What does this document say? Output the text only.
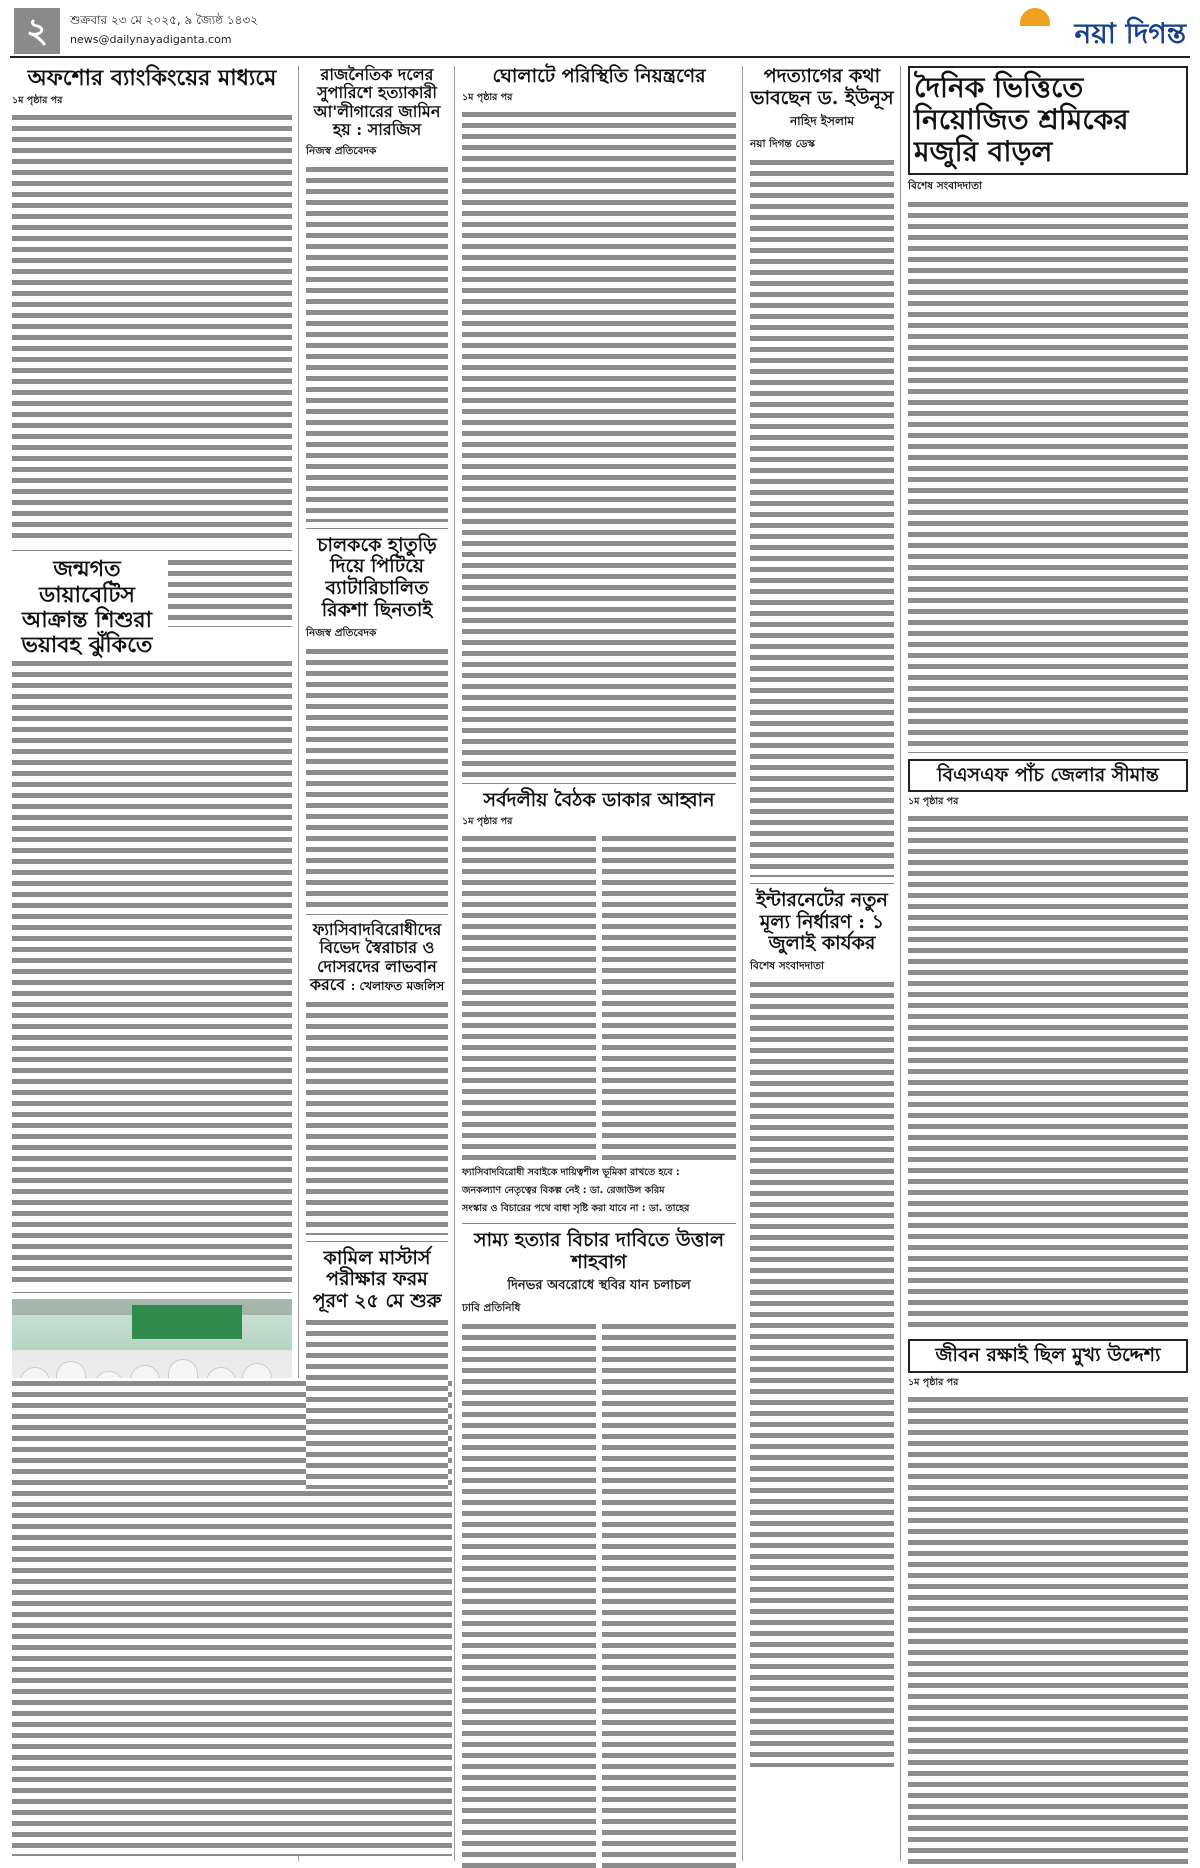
২	শুক্রবার ২৩ মে ২০২৫, ৯ জ্যৈষ্ঠ ১৪৩২
news@dailynayadiganta.com	নয়া দিগন্ত
অফশোর ব্যাংকিংয়ের মাধ্যমে
১ম পৃষ্ঠার পর
জন্মগত ডায়াবেটিস আক্রান্ত শিশুরা ভয়াবহ ঝুঁকিতে
রাজনৈতিক দলের সুপারিশে হত্যাকারী আ'লীগারের জামিন হয় : সারজিস
নিজস্ব প্রতিবেদক
চালককে হাতুড়ি দিয়ে পিটিয়ে ব্যাটারিচালিত রিকশা ছিনতাই
নিজস্ব প্রতিবেদক
ফ্যাসিবাদবিরোধীদের বিভেদ স্বৈরাচার ও দোসরদের লাভবান করবে : খেলাফত মজলিস
কামিল মাস্টার্স পরীক্ষার ফরম পূরণ ২৫ মে শুরু
ঘোলাটে পরিস্থিতি নিয়ন্ত্রণের
১ম পৃষ্ঠার পর
সর্বদলীয় বৈঠক ডাকার আহ্বান
১ম পৃষ্ঠার পর
ফ্যাসিবাদবিরোধী সবাইকে দায়িত্বশীল ভূমিকা রাখতে হবে :
জনকল্যাণ নেতৃত্বের বিকল্প নেই : ডা. রেজাউল করিম
সংস্কার ও বিচারের পথে বাধা সৃষ্টি করা যাবে না : ডা. তাহের
সাম্য হত্যার বিচার দাবিতে উত্তাল শাহবাগ
দিনভর অবরোধে স্থবির যান চলাচল
ঢাবি প্রতিনিধি
পদত্যাগের কথা ভাবছেন ড. ইউনূস
নাহিদ ইসলাম
নয়া দিগন্ত ডেস্ক
ইন্টারনেটের নতুন মূল্য নির্ধারণ : ১ জুলাই কার্যকর
বিশেষ সংবাদদাতা
দৈনিক ভিত্তিতে নিয়োজিত শ্রমিকের মজুরি বাড়ল
বিশেষ সংবাদদাতা
বিএসএফ পাঁচ জেলার সীমান্ত
১ম পৃষ্ঠার পর
জীবন রক্ষাই ছিল মুখ্য উদ্দেশ্য
১ম পৃষ্ঠার পর
